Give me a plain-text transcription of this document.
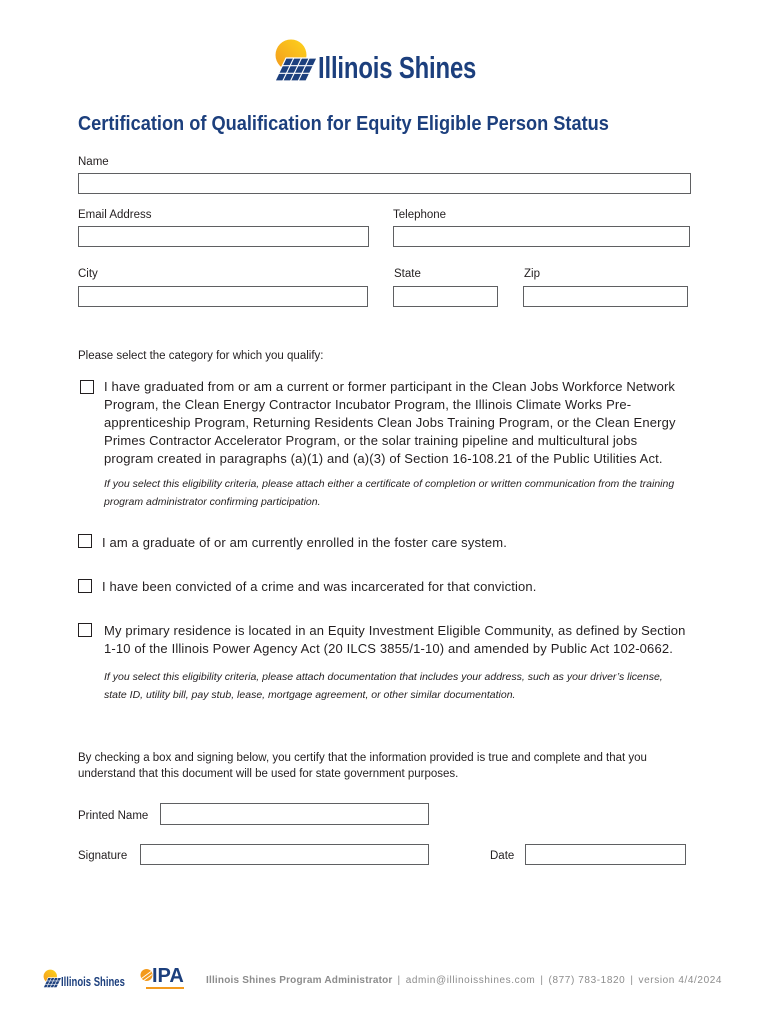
Illinois Shines
Certification of Qualification for Equity Eligible Person Status
Name
Email Address	Telephone
City	State	Zip
Please select the category for which you qualify:
I have graduated from or am a current or former participant in the Clean Jobs Workforce Network
Program, the Clean Energy Contractor Incubator Program, the Illinois Climate Works Pre-
apprenticeship Program, Returning Residents Clean Jobs Training Program, or the Clean Energy
Primes Contractor Accelerator Program, or the solar training pipeline and multicultural jobs
program created in paragraphs (a)(1) and (a)(3) of Section 16-108.21 of the Public Utilities Act.
If you select this eligibility criteria, please attach either a certificate of completion or written communication from the training
program administrator confirming participation.
I am a graduate of or am currently enrolled in the foster care system.
I have been convicted of a crime and was incarcerated for that conviction.
My primary residence is located in an Equity Investment Eligible Community, as defined by Section
1-10 of the Illinois Power Agency Act (20 ILCS 3855/1-10) and amended by Public Act 102-0662.
If you select this eligibility criteria, please attach documentation that includes your address, such as your driver’s license,
state ID, utility bill, pay stub, lease, mortgage agreement, or other similar documentation.
By checking a box and signing below, you certify that the information provided is true and complete and that you
understand that this document will be used for state government purposes.
Printed Name
Signature	Date
Illinois Shines IPA Illinois Shines Program Administrator | admin@illinoisshines.com | (877) 783-1820 | version 4/4/2024
